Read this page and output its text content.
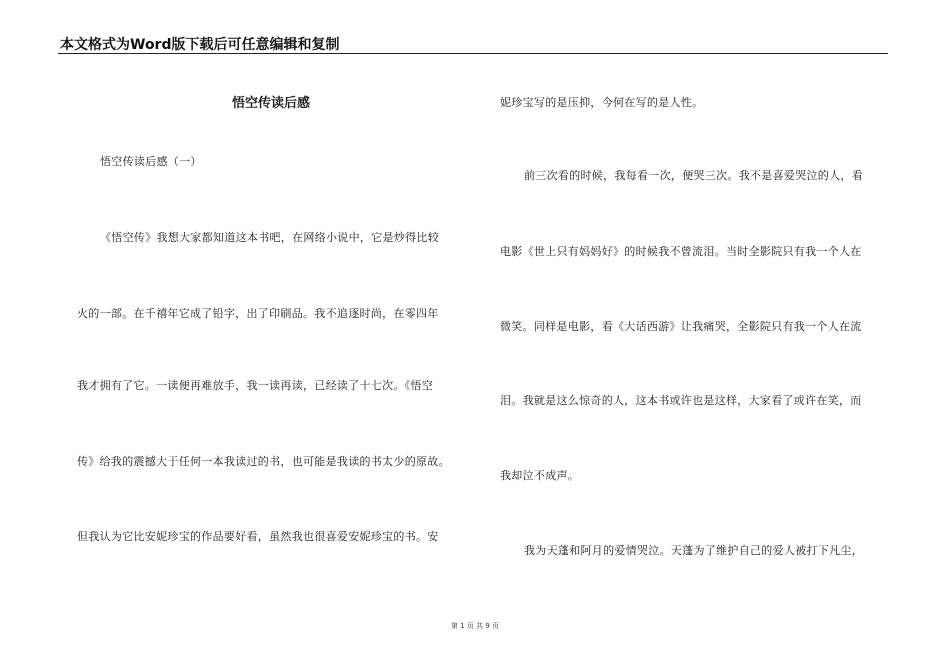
本文格式为Word版下载后可任意编辑和复制
悟空传读后感
悟空传读后感（一）
《悟空传》我想大家都知道这本书吧，在网络小说中，它是炒得比较
火的一部。在千禧年它成了铅字，出了印刷品。我不追逐时尚，在零四年
我才拥有了它。一读便再难放手，我一读再读，已经读了十七次。《悟空
传》给我的震撼大于任何一本我读过的书，也可能是我读的书太少的原故。
但我认为它比安妮珍宝的作品要好看，虽然我也很喜爱安妮珍宝的书。安
妮珍宝写的是压抑，今何在写的是人性。
前三次看的时候，我每看一次，便哭三次。我不是喜爱哭泣的人，看
电影《世上只有妈妈好》的时候我不曾流泪。当时全影院只有我一个人在
微笑。同样是电影，看《大话西游》让我痛哭，全影院只有我一个人在流
泪。我就是这么惊奇的人，这本书或许也是这样，大家看了或许在笑，而
我却泣不成声。
我为天蓬和阿月的爱情哭泣。天蓬为了维护自己的爱人被打下凡尘，
第 1 页 共 9 页
